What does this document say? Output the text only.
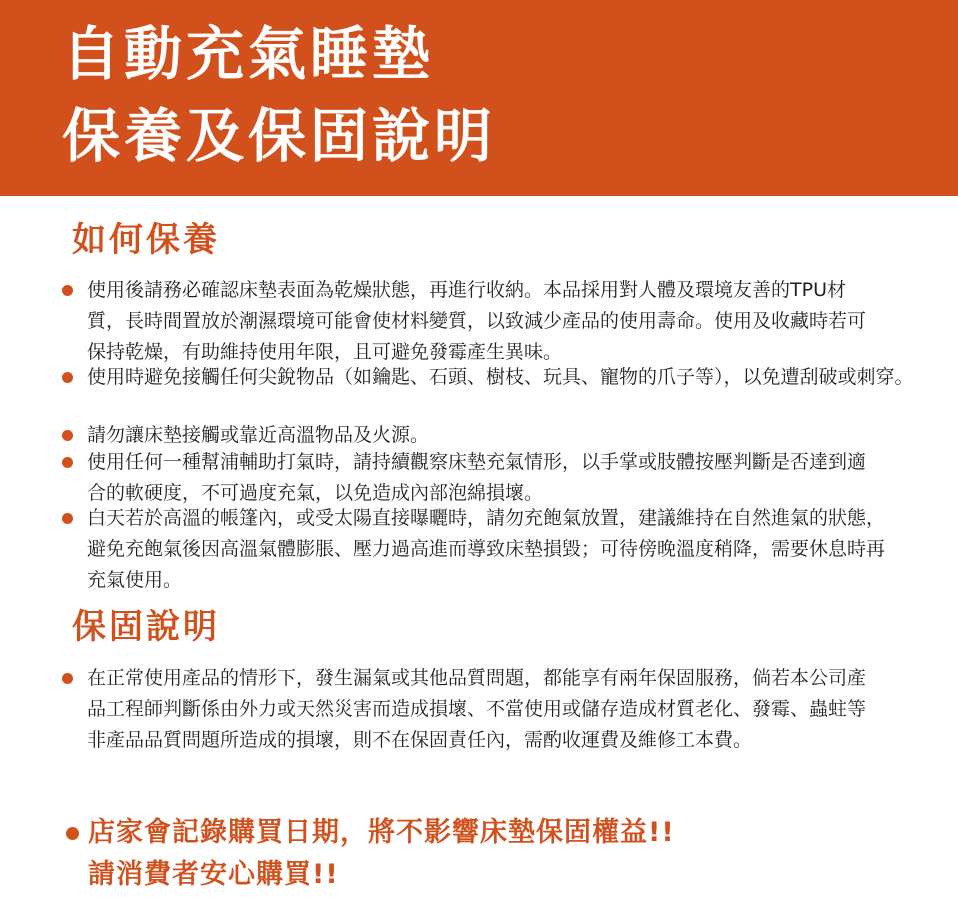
自動充氣睡墊
保養及保固說明
如何保養
使用後請務必確認床墊表面為乾燥狀態，再進行收納。本品採用對人體及環境友善的TPU材質，長時間置放於潮濕環境可能會使材料變質，以致減少產品的使用壽命。使用及收藏時若可保持乾燥，有助維持使用年限，且可避免發霉產生異味。
使用時避免接觸任何尖銳物品（如鑰匙、石頭、樹枝、玩具、寵物的爪子等），以免遭刮破或刺穿。
請勿讓床墊接觸或靠近高溫物品及火源。
使用任何一種幫浦輔助打氣時，請持續觀察床墊充氣情形，以手掌或肢體按壓判斷是否達到適合的軟硬度，不可過度充氣，以免造成內部泡綿損壞。
白天若於高溫的帳篷內，或受太陽直接曝曬時，請勿充飽氣放置，建議維持在自然進氣的狀態，避免充飽氣後因高溫氣體膨脹、壓力過高進而導致床墊損毀；可待傍晚溫度稍降，需要休息時再充氣使用。
保固說明
在正常使用產品的情形下，發生漏氣或其他品質問題，都能享有兩年保固服務，倘若本公司產品工程師判斷係由外力或天然災害而造成損壞、不當使用或儲存造成材質老化、發霉、蟲蛀等非產品品質問題所造成的損壞，則不在保固責任內，需酌收運費及維修工本費。
店家會記錄購買日期，將不影響床墊保固權益!!
請消費者安心購買!!
